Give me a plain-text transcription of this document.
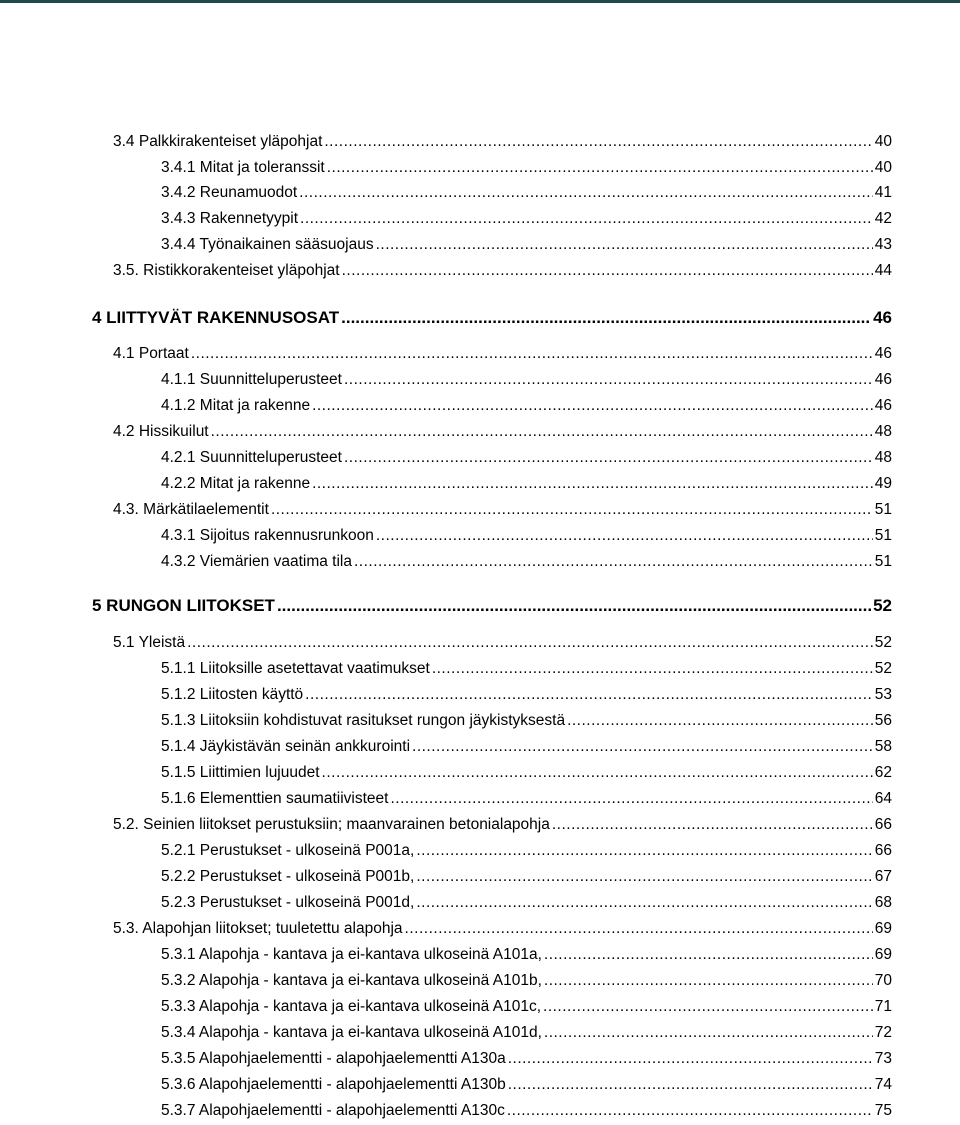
3.4 Palkkirakenteiset yläpohjat .....	40
3.4.1 Mitat ja toleranssit .....	40
3.4.2 Reunamuodot .....	41
3.4.3 Rakennetyypit .....	42
3.4.4 Työnaikainen sääsuojaus .....	43
3.5. Ristikkorakenteiset yläpohjat .....	44
4 LIITTYVÄT RAKENNUSOSAT .....	46
4.1 Portaat .....	46
4.1.1 Suunnitteluperusteet .....	46
4.1.2 Mitat ja rakenne .....	46
4.2 Hissikuilut .....	48
4.2.1 Suunnitteluperusteet .....	48
4.2.2 Mitat ja rakenne .....	49
4.3. Märkätilaelementit .....	51
4.3.1 Sijoitus rakennusrunkoon .....	51
4.3.2 Viemärien vaatima tila .....	51
5 RUNGON LIITOKSET .....	52
5.1 Yleistä .....	52
5.1.1 Liitoksille asetettavat vaatimukset .....	52
5.1.2 Liitosten käyttö .....	53
5.1.3 Liitoksiin kohdistuvat rasitukset rungon jäykistyksestä .....	56
5.1.4 Jäykistävän seinän ankkurointi .....	58
5.1.5 Liittimien lujuudet .....	62
5.1.6 Elementtien saumatiivisteet .....	64
5.2. Seinien liitokset perustuksiin; maanvarainen betonialapohja .....	66
5.2.1 Perustukset - ulkoseinä P001a, .....	66
5.2.2 Perustukset - ulkoseinä P001b, .....	67
5.2.3 Perustukset - ulkoseinä P001d, .....	68
5.3. Alapohjan liitokset; tuuletettu alapohja .....	69
5.3.1 Alapohja - kantava ja ei-kantava ulkoseinä A101a, .....	69
5.3.2 Alapohja - kantava ja ei-kantava ulkoseinä A101b, .....	70
5.3.3 Alapohja - kantava ja ei-kantava ulkoseinä A101c, .....	71
5.3.4 Alapohja - kantava ja ei-kantava ulkoseinä A101d, .....	72
5.3.5 Alapohjaelementti - alapohjaelementti A130a .....	73
5.3.6 Alapohjaelementti - alapohjaelementti A130b .....	74
5.3.7 Alapohjaelementti - alapohjaelementti A130c .....	75
